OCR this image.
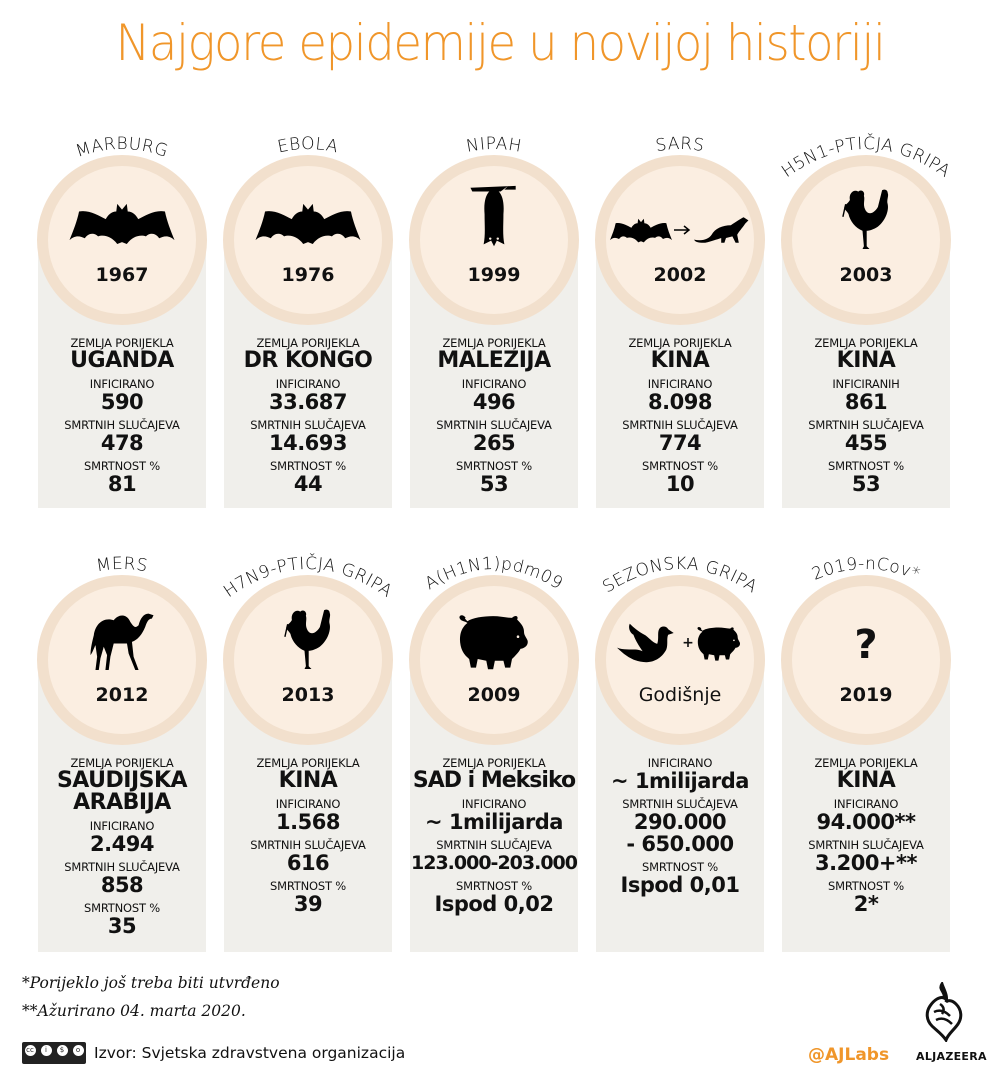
Najgore epidemije u novijoj historiji
MARBURG
1967
ZEMLJA PORIJEKLA
UGANDA
INFICIRANO
590
SMRTNIH SLUČAJEVA
478
SMRTNOST %
81
EBOLA
1976
ZEMLJA PORIJEKLA
DR KONGO
INFICIRANO
33.687
SMRTNIH SLUČAJEVA
14.693
SMRTNOST %
44
NIPAH
1999
ZEMLJA PORIJEKLA
MALEZIJA
INFICIRANO
496
SMRTNIH SLUČAJEVA
265
SMRTNOST %
53
SARS
2002
ZEMLJA PORIJEKLA
KINA
INFICIRANO
8.098
SMRTNIH SLUČAJEVA
774
SMRTNOST %
10
H5N1-PTIČJA GRIPA
2003
ZEMLJA PORIJEKLA
KINA
INFICIRANIH
861
SMRTNIH SLUČAJEVA
455
SMRTNOST %
53
MERS
2012
ZEMLJA PORIJEKLA
SAUDIJSKA
ARABIJA
INFICIRANO
2.494
SMRTNIH SLUČAJEVA
858
SMRTNOST %
35
H7N9-PTIČJA GRIPA
2013
ZEMLJA PORIJEKLA
KINA
INFICIRANO
1.568
SMRTNIH SLUČAJEVA
616
SMRTNOST %
39
A(H1N1)pdm09
2009
ZEMLJA PORIJEKLA
SAD i Meksiko
INFICIRANO
~ 1milijarda
SMRTNIH SLUČAJEVA
123.000-203.000
SMRTNOST %
Ispod 0,02
SEZONSKA GRIPA
+
Godišnje
INFICIRANO
~ 1milijarda
SMRTNIH SLUČAJEVA
290.000
- 650.000
SMRTNOST %
Ispod 0,01
2019-nCov*
?
2019
ZEMLJA PORIJEKLA
KINA
INFICIRANO
94.000**
SMRTNIH SLUČAJEVA
3.200+**
SMRTNOST %
2*
*Porijeklo još treba biti utvrđeno
**Ažurirano 04. marta 2020.
cc	i	$	o Izvor: Svjetska zdravstvena organizacija	@AJLabs ALJAZEERA
